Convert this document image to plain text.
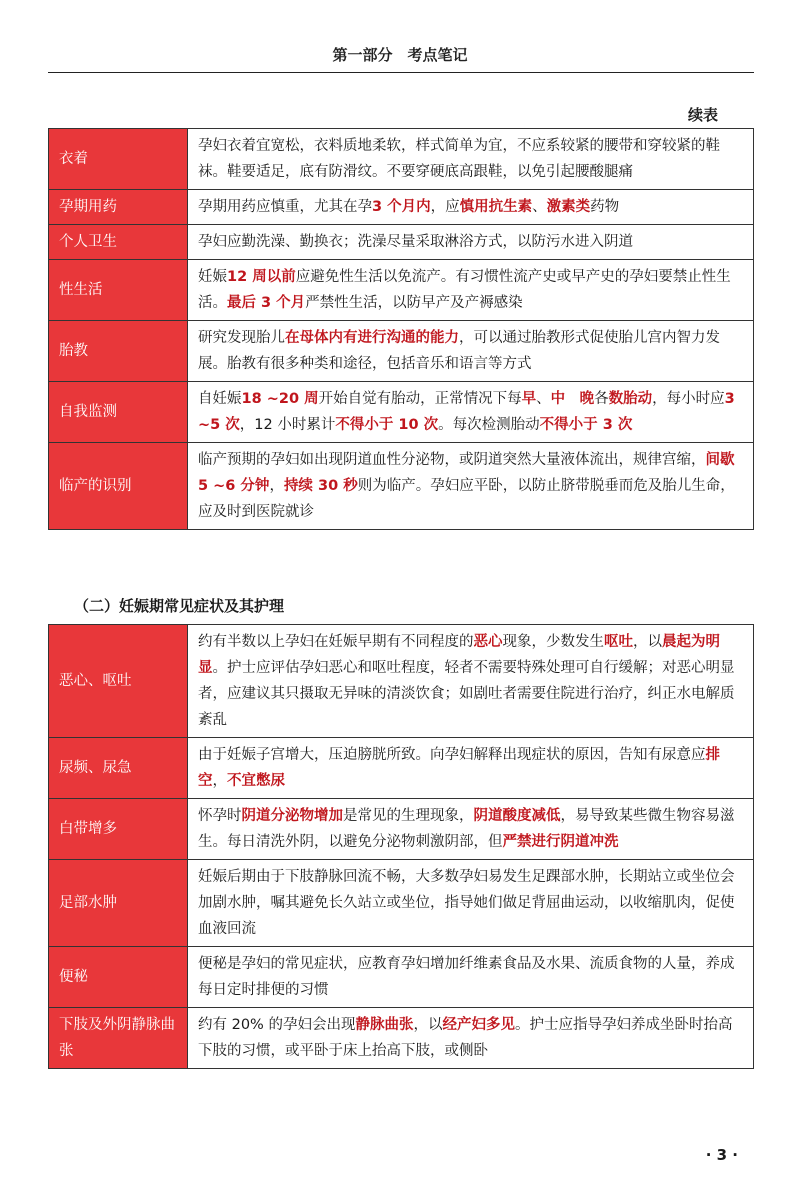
第一部分　考点笔记
续表
衣着	孕妇衣着宜宽松，衣料质地柔软，样式简单为宜，不应系较紧的腰带和穿较紧的鞋袜。鞋要适足，底有防滑纹。不要穿硬底高跟鞋，以免引起腰酸腿痛
孕期用药	孕期用药应慎重，尤其在孕3 个月内，应慎用抗生素、激素类药物
个人卫生	孕妇应勤洗澡、勤换衣；洗澡尽量采取淋浴方式，以防污水进入阴道
性生活	妊娠12 周以前应避免性生活以免流产。有习惯性流产史或早产史的孕妇要禁止性生活。最后 3 个月严禁性生活，以防早产及产褥感染
胎教	研究发现胎儿在母体内有进行沟通的能力，可以通过胎教形式促使胎儿宫内智力发展。胎教有很多种类和途径，包括音乐和语言等方式
自我监测	自妊娠18 ~20 周开始自觉有胎动，正常情况下每早、中　晚各数胎动，每小时应3 ~5 次，12 小时累计不得小于 10 次。每次检测胎动不得小于 3 次
临产的识别	临产预期的孕妇如出现阴道血性分泌物，或阴道突然大量液体流出，规律宫缩，间歇 5 ~6 分钟，持续 30 秒则为临产。孕妇应平卧，以防止脐带脱垂而危及胎儿生命，应及时到医院就诊
（二）妊娠期常见症状及其护理
恶心、呕吐	约有半数以上孕妇在妊娠早期有不同程度的恶心现象，少数发生呕吐，以晨起为明显。护士应评估孕妇恶心和呕吐程度，轻者不需要特殊处理可自行缓解；对恶心明显者，应建议其只摄取无异味的清淡饮食；如剧吐者需要住院进行治疗，纠正水电解质紊乱
尿频、尿急	由于妊娠子宫增大，压迫膀胱所致。向孕妇解释出现症状的原因，告知有尿意应排空，不宜憋尿
白带增多	怀孕时阴道分泌物增加是常见的生理现象，阴道酸度减低，易导致某些微生物容易滋生。每日清洗外阴，以避免分泌物刺激阴部，但严禁进行阴道冲洗
足部水肿	妊娠后期由于下肢静脉回流不畅，大多数孕妇易发生足踝部水肿，长期站立或坐位会加剧水肿，嘱其避免长久站立或坐位，指导她们做足背屈曲运动，以收缩肌肉，促使血液回流
便秘	便秘是孕妇的常见症状，应教育孕妇增加纤维素食品及水果、流质食物的人量，养成每日定时排便的习惯
下肢及外阴静脉曲张	约有 20% 的孕妇会出现静脉曲张，以经产妇多见。护士应指导孕妇养成坐卧时抬高下肢的习惯，或平卧于床上抬高下肢，或侧卧
· 3 ·
